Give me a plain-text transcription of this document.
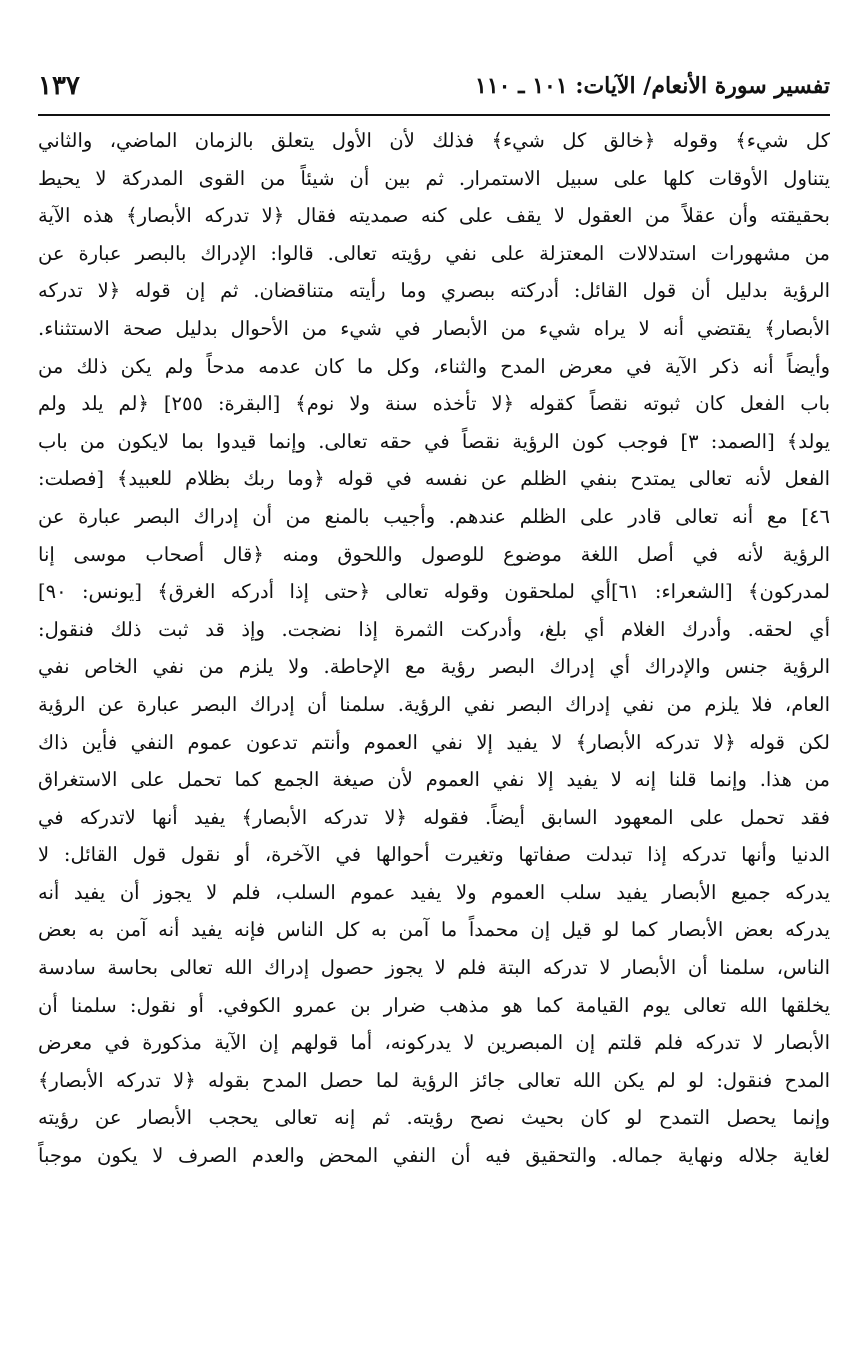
تفسير سورة الأنعام/ الآيات: ١٠١ ـ ١١٠
١٣٧
كل شيء﴾ وقوله ﴿خالق كل شيء﴾ فذلك لأن الأول يتعلق بالزمان الماضي، والثاني
يتناول الأوقات كلها على سبيل الاستمرار. ثم بين أن شيئاً من القوى المدركة لا يحيط
بحقيقته وأن عقلاً من العقول لا يقف على كنه صمديته فقال ﴿لا تدركه الأبصار﴾ هذه الآية
من مشهورات استدلالات المعتزلة على نفي رؤيته تعالى. قالوا: الإدراك بالبصر عبارة عن
الرؤية بدليل أن قول القائل: أدركته ببصري وما رأيته متناقضان. ثم إن قوله ﴿لا تدركه
الأبصار﴾ يقتضي أنه لا يراه شيء من الأبصار في شيء من الأحوال بدليل صحة الاستثناء.
وأيضاً أنه ذكر الآية في معرض المدح والثناء، وكل ما كان عدمه مدحاً ولم يكن ذلك من
باب الفعل كان ثبوته نقصاً كقوله ﴿لا تأخذه سنة ولا نوم﴾ [البقرة: ٢٥٥] ﴿لم يلد ولم
يولد﴾ [الصمد: ٣] فوجب كون الرؤية نقصاً في حقه تعالى. وإنما قيدوا بما لايكون من باب
الفعل لأنه تعالى يمتدح بنفي الظلم عن نفسه في قوله ﴿وما ربك بظلام للعبيد﴾ [فصلت:
٤٦] مع أنه تعالى قادر على الظلم عندهم. وأجيب بالمنع من أن إدراك البصر عبارة عن
الرؤية لأنه في أصل اللغة موضوع للوصول واللحوق ومنه ﴿قال أصحاب موسى إنا
لمدركون﴾ [الشعراء: ٦١]أي لملحقون وقوله تعالى ﴿حتى إذا أدركه الغرق﴾ [يونس: ٩٠]
أي لحقه. وأدرك الغلام أي بلغ، وأدركت الثمرة إذا نضجت. وإذ قد ثبت ذلك فنقول:
الرؤية جنس والإدراك أي إدراك البصر رؤية مع الإحاطة. ولا يلزم من نفي الخاص نفي
العام، فلا يلزم من نفي إدراك البصر نفي الرؤية. سلمنا أن إدراك البصر عبارة عن الرؤية
لكن قوله ﴿لا تدركه الأبصار﴾ لا يفيد إلا نفي العموم وأنتم تدعون عموم النفي فأين ذاك
من هذا. وإنما قلنا إنه لا يفيد إلا نفي العموم لأن صيغة الجمع كما تحمل على الاستغراق
فقد تحمل على المعهود السابق أيضاً. فقوله ﴿لا تدركه الأبصار﴾ يفيد أنها لاتدركه في
الدنيا وأنها تدركه إذا تبدلت صفاتها وتغيرت أحوالها في الآخرة، أو نقول قول القائل: لا
يدركه جميع الأبصار يفيد سلب العموم ولا يفيد عموم السلب، فلم لا يجوز أن يفيد أنه
يدركه بعض الأبصار كما لو قيل إن محمداً ما آمن به كل الناس فإنه يفيد أنه آمن به بعض
الناس، سلمنا أن الأبصار لا تدركه البتة فلم لا يجوز حصول إدراك الله تعالى بحاسة سادسة
يخلقها الله تعالى يوم القيامة كما هو مذهب ضرار بن عمرو الكوفي. أو نقول: سلمنا أن
الأبصار لا تدركه فلم قلتم إن المبصرين لا يدركونه، أما قولهم إن الآية مذكورة في معرض
المدح فنقول: لو لم يكن الله تعالى جائز الرؤية لما حصل المدح بقوله ﴿لا تدركه الأبصار﴾
وإنما يحصل التمدح لو كان بحيث نصح رؤيته. ثم إنه تعالى يحجب الأبصار عن رؤيته
لغاية جلاله ونهاية جماله. والتحقيق فيه أن النفي المحض والعدم الصرف لا يكون موجباً
